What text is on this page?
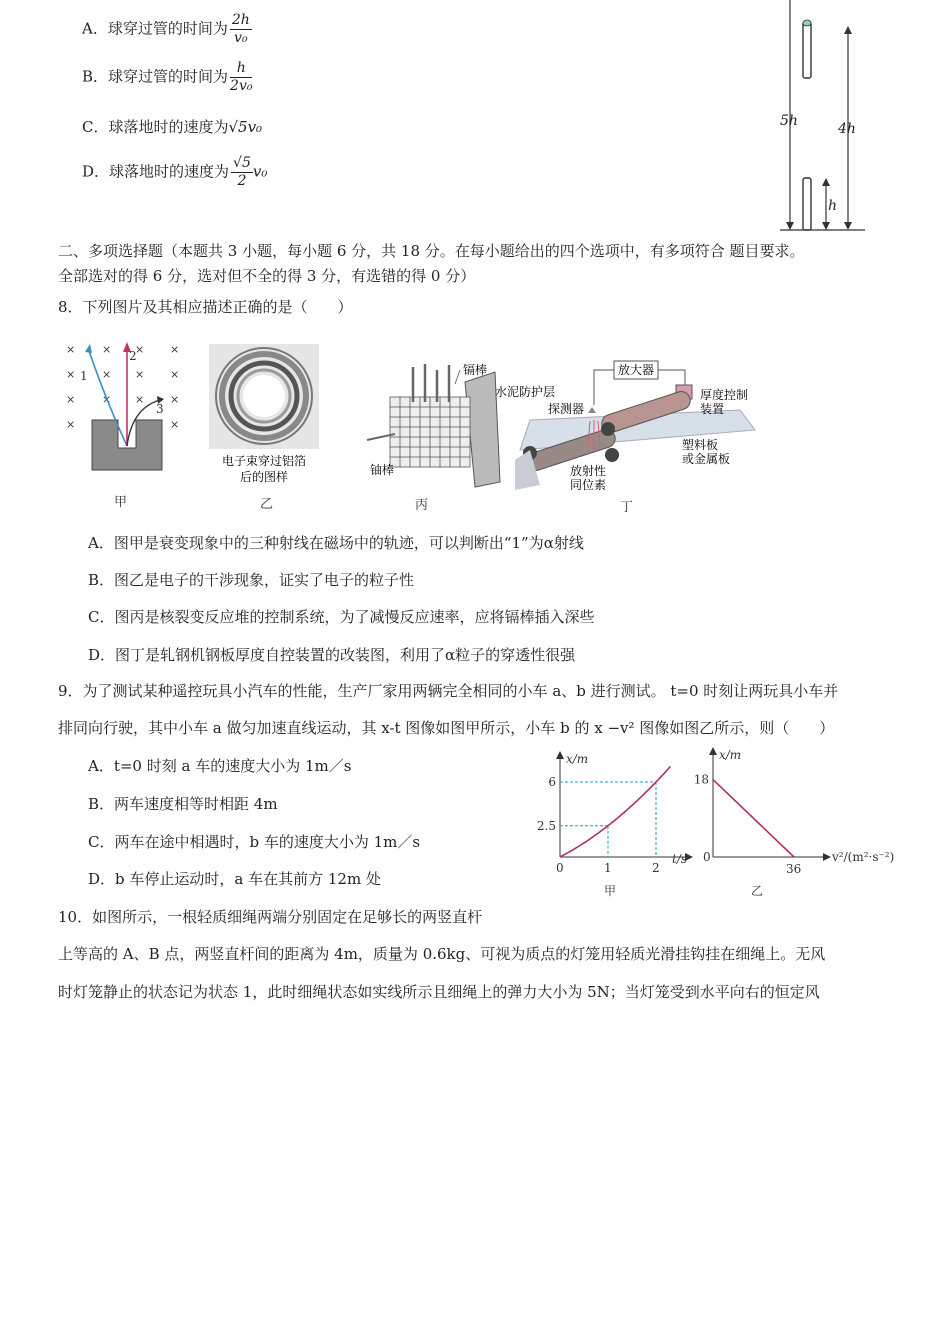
A．球穿过管的时间为 $\frac{2h}{\text{v₀}}$
B．球穿过管的时间为 $\frac{h}{\text{2v₀}}$
C．球落地时的速度为√5v₀
D．球落地时的速度为 $\frac{√5}{2} v_0$
5h	4h
h
二、多项选择题（本题共 3 小题，每小题 6 分，共 18 分。在每小题给出的四个选项中，有多项符合 题目要求。
全部选对的得 6 分，选对但不全的得 3 分，有选错的得 0 分）
8．下列图片及其相应描述正确的是（　　）
× × × ×
× × × ×
× × × ×
×	×
1
2
3
甲
电子束穿过铝箔
后的图样
乙
镉棒
水泥防护层
铀棒
丙
放大器
探测器
厚度控制
装置
塑料板
或金属板
放射性
同位素
丁
A．图甲是衰变现象中的三种射线在磁场中的轨迹，可以判断出“1”为α射线
B．图乙是电子的干涉现象，证实了电子的粒子性
C．图丙是核裂变反应堆的控制系统，为了减慢反应速率，应将镉棒插入深些
D．图丁是轧钢机钢板厚度自控装置的改装图，利用了α粒子的穿透性很强
9．为了测试某种遥控玩具小汽车的性能，生产厂家用两辆完全相同的小车 a、b 进行测试。 t=0 时刻让两玩具小车并
排同向行驶，其中小车 a 做匀加速直线运动，其 x-t 图像如图甲所示，小车 b 的 x −v² 图像如图乙所示，则（　　）
A．t=0 时刻 a 车的速度大小为 1m／s
B．两车速度相等时相距 4m
C．两车在途中相遇时，b 车的速度大小为 1m／s
D．b 车停止运动时，a 车在其前方 12m 处
x/m
t/s
0	1	2
2.5
6
甲
x/m
v²/(m²·s⁻²)
0
36
18
乙
10．如图所示，一根轻质细绳两端分别固定在足够长的两竖直杆
上等高的 A、B 点，两竖直杆间的距离为 4m，质量为 0.6kg、可视为质点的灯笼用轻质光滑挂钩挂在细绳上。无风
时灯笼静止的状态记为状态 1，此时细绳状态如实线所示且细绳上的弹力大小为 5N；当灯笼受到水平向右的恒定风
